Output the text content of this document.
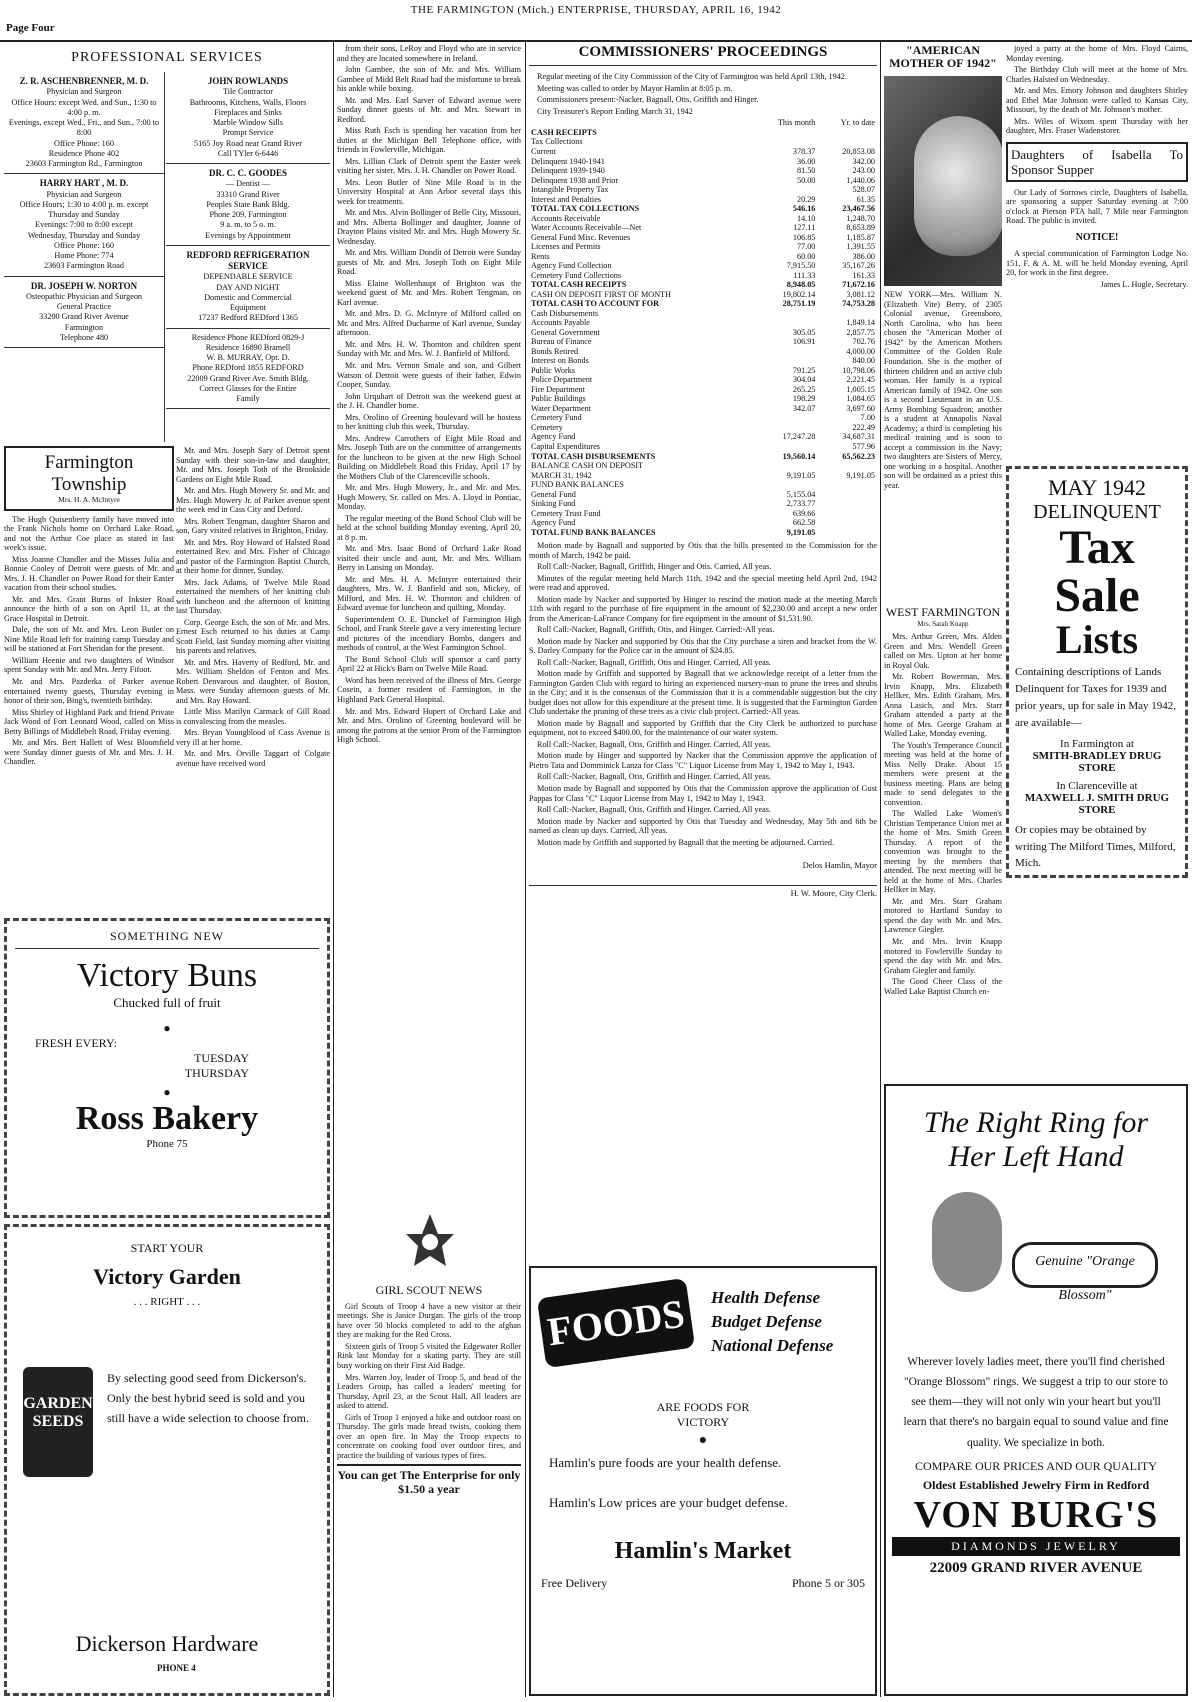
THE FARMINGTON (Mich.) ENTERPRISE, THURSDAY, APRIL 16, 1942
Page Four
PROFESSIONAL SERVICES
Z. R. ASCHENBRENNER, M. D.
Physician and Surgeon
Office Hours: except Wed. and Sun., 1:30 to 4:00 p. m.
Evenings, except Wed., Fri., and Sun., 7:00 to 8:00
Office Phone: 160
Residence Phone 402
23603 Farmington Rd., Farmington
HARRY HART , M. D.
Physician and Surgeon
Office Hours; 1:30 to 4:00 p. m. except Thursday and Sunday
Evenings: 7:00 to 8:00 except
Wednesday, Thursday and Sunday
Office Phone: 160
Home Phone: 774
23603 Farmington Road
DR. JOSEPH W. NORTON
Osteopathic Physician and Surgeon
General Practice
33200 Grand River Avenue
Farmington
Telephone 480
JOHN ROWLANDS
Tile Contractor
Bathrooms, Kitchens, Walls, Floors
Fireplaces and Sinks
Marble Window Sills
Prompt Service
5165 Joy Road near Grand River
Call TYler 6-6446
DR. C. C. GOODES
— Dentist —
33310 Grand River
Peoples State Bank Bldg.
Phone 209, Farmington
9 a. m. to 5 o. m.
Evenings by Appointment
REDFORD REFRIGERATION SERVICE
DEPENDABLE SERVICE
DAY AND NIGHT
Domestic and Commercial
Equipment
17237 Redford REDford 1365
Residence Phone REDford 0829-J
Residence 16890 Bramell
W. B. MURRAY, Opt. D.
Phone REDford 1855 REDFORD
22009 Grand River Ave. Smith Bldg.
Correct Glasses for the Entire
Family
Farmington
Township
Mrs. H. A. McIntyre

The Hugh Quisenberry family have moved into the Frank Nichols home on Orchard Lake Road, and not the Arthur Coe place as stated in last week's issue.

Miss Joanne Chandler and the Misses Julia and Bonnie Cooley of Detroit were guests of Mr. and Mrs. J. H. Chandler on Power Road for their Easter vacation from their school studies.

Mr. and Mrs. Grant Burns of Inkster Road announce the birth of a son on April 11, at the Grace Hospital in Detroit.

Dale, the son of Mr. and Mrs. Leon Butler on Nine Mile Road left for training camp Tuesday and will be stationed at Fort Sheridan for the present.

William Heenie and two daughters of Windsor spent Sunday with Mr. and Mrs. Jerry Fifoot.

Mr. and Mrs. Pazderka of Parker avenue entertained twenty guests, Thursday evening in honor of their son, Bing's, twentieth birthday.

Miss Shirley of Highland Park and friend Private Jack Wood of Fort Leonard Wood, called on Miss Betty Billings of Middlebelt Road, Friday evening.

Mr. and Mrs. Bert Hallett of West Bloomfield were Sunday dinner guests of Mr. and Mrs. J. H. Chandler.

Mr. and Mrs. Joseph Sary of Detroit spent Sunday with their son-in-law and daughter, Mr. and Mrs. Joseph Toth of the Brookside Gardens on Eight Mile Road.

Mr. and Mrs. Hugh Mowery Sr. and Mr. and Mrs. Hugh Mowery Jr. of Parker avenue spent the week end in Cass City and Deford.

Mrs. Robert Tengman, daughter Sharon and son, Gary visited relatives in Brighton, Friday.

Mr. and Mrs. Roy Howard of Halsted Road entertained Rev. and Mrs. Fisher of Chicago and pastor of the Farmington Baptist Church, at their home for dinner, Sunday.

Mrs. Jack Adams, of Twelve Mile Road entertained the members of her knitting club with luncheon and the afternoon of knitting last Thursday.

Corp. George Esch, the son of Mr. and Mrs. Ernest Esch returned to his duties at Camp Scott Field, last Sunday morning after visiting his parents and relatives.

Mr. and Mrs. Haverty of Redford, Mr. and Mrs. William Sheldon of Fenton and Mrs. Robert Denvarous and daughter, of Boston, Mass. were Sunday afternoon guests of Mr. and Mrs. Ray Howard.

Little Miss Marilyn Carmack of Gill Road is convalescing from the measles.

Mrs. Bryan Youngblood of Cass Avenue is very ill at her home.

Mr. and Mrs. Orville Taggart of Colgate avenue have received word

from their sons, LeRoy and Floyd who are in service and they are located somewhere in Ireland.

John Gambee, the son of Mr. and Mrs. William Gambee of Midd Belt Road had the misfortune to break his ankle while boxing.

Mr. and Mrs. Earl Sarver of Edward avenue were Sunday dinner guests of Mr. and Mrs. Stewart in Redford.

Miss Ruth Esch is spending her vacation from her duties at the Michigan Bell Telephone office, with friends in Fowlerville, Michigan.

Mrs. Lillian Clark of Detroit spent the Easter week visiting her sister, Mrs. J. H. Chandler on Power Road.

Mrs. Leon Butler of Nine Mile Road is in the University Hospital at Ann Arbor several days this week for treatments.

Mr. and Mrs. Alvin Bollinger of Belle City, Missouri, and Mrs. Alberta Bollinger and daughter, Joanne of Drayton Plains visited Mr. and Mrs. Hugh Mowery Sr. Wednesday.

Mr. and Mrs. William Dondit of Detroit were Sunday guests of Mr. and Mrs. Joseph Toth on Eight Mile Road.

Miss Elaine Wollenhaupt of Brighton was the weekend guest of Mr. and Mrs. Robert Tengman, on Karl avenue.

Mr. and Mrs. D. G. McIntyre of Milford called on Mr. and Mrs. Alfred Ducharme of Karl avenue, Sunday afternoon.

Mr. and Mrs. H. W. Thornton and children spent Sunday with Mr. and Mrs. W. J. Banfield of Milford.

Mr. and Mrs. Vernon Smale and son, and Gilbert Watson of Detroit were guests of their father, Edwin Cooper, Sunday.

John Urquhart of Detroit was the weekend guest at the J. H. Chandler home.

Mrs. Orolino of Greening boulevard will be hostess to her knitting club this week, Thursday.

Mrs. Andrew Carrothers of Eight Mile Road and Mrs. Joseph Toth are on the committee of arrangements for the luncheon to be given at the new High School Building on Middlebelt Road this Friday, April 17 by the Mothers Club of the Clarenceville schools.

Mr. and Mrs. Hugh Mowery, Jr., and Mr. and Mrs. Hugh Mowery, Sr. called on Mrs. A. Lloyd in Pontiac, Monday.

The regular meeting of the Bond School Club will be held at the school building Monday evening, April 20, at 8 p. m.

Mr. and Mrs. Isaac Bond of Orchard Lake Road visited their uncle and aunt, Mr. and Mrs. William Berry in Lansing on Monday.

Mr. and Mrs. H. A. McIntyre entertained their daughters, Mrs. W. J. Banfield and son, Mickey, of Milford, and Mrs. H. W. Thornton and children of Edward avenue for luncheon and quilting, Monday.

Superintendent O. E. Dunckel of Farmington High School, and Frank Steele gave a very interesting lecture and pictures of the incendiary Bombs, dangers and methods of control, at the West Farmington School.

The Bond School Club will sponsor a card party April 22 at Hick's Barn on Twelve Mile Road.

Word has been received of the illness of Mrs. George Cosein, a former resident of Farmington, in the Highland Park General Hospital.

Mr. and Mrs. Edward Hupert of Orchard Lake and Mr. and Mrs. Orolino of Greening boulevard will be among the patrons at the senior Prom of the Farmington High School.

SOMETHING NEW
Victory Buns
Chucked full of fruit
●
FRESH EVERY:
TUESDAY
THURSDAY
●
Ross Bakery
Phone 75
START YOUR
Victory Garden
. . . RIGHT . . .
GARDEN SEEDS
By selecting good seed from Dickerson's. Only the best hybrid seed is sold and you still have a wide selection to choose from.
Dickerson Hardware
PHONE 4
GIRL SCOUT NEWS

Girl Scouts of Troop 4 have a new visitor at their meetings. She is Janice Durgan. The girls of the troop have over 50 blocks completed to add to the afghan they are making for the Red Cross.

Sixteen girls of Troop 5 visited the Edgewater Roller Rink last Monday for a skating party. They are still busy working on their First Aid Badge.

Mrs. Warren Joy, leader of Troop 5, and head of the Leaders Group, has called a leaders' meeting for Thursday, April 23, at the Scout Hall. All leaders are asked to attend.

Girls of Troop 1 enjoyed a hike and outdoor roast on Thursday. The girls made bread twists, cooking them over an open fire. In May the Troop expects to concentrate on cooking food over outdoor fires, and practice the building of various types of fires.

You can get The Enterprise for only $1.50 a year
COMMISSIONERS' PROCEEDINGS

Regular meeting of the City Commission of the City of Farmington was held April 13th, 1942.

Meeting was called to order by Mayor Hamlin at 8:05 p. m.

Commissioners present:-Nacker, Bagnall, Otis, Griffith and Hinger.

City Treasurer's Report Ending March 31, 1942

	This month	Yr. to date
CASH RECEIPTS		
Tax Collections		
Current	378.37	20,853.08
Delinquent 1940-1941	36.00	342.00
Delinquent 1939-1940	81.50	243.00
Delinquent 1938 and Prior	50.00	1,440.06
Intangible Property Tax		528.07
Interest and Penalties	20.29	61.35
TOTAL TAX COLLECTIONS	546.16	23,467.56
Accounts Receivable	14.10	1,248.70
Water Accounts Receivable—Net	127.11	8,653.89
General Fund Misc. Revenues	106.85	1,185.87
Licenses and Permits	77.00	1,391.55
Rents	60.00	386.00
Agency Fund Collection	7,915.50	35,167.26
Cemetery Fund Collections	111.33	161.33
TOTAL CASH RECEIPTS	8,948.05	71,672.16
CASH ON DEPOSIT FIRST OF MONTH	19,802.14	3,081.12
TOTAL CASH TO ACCOUNT FOR	28,751.19	74,753.28
Cash Disbursements		
Accounts Payable		1,849.14
General Government	305.05	2,857.75
Bureau of Finance	106.91	702.76
Bonds Retired		4,000.00
Interest on Bonds		840.00
Public Works	791.25	10,798.06
Police Department	304.04	2,221.45
Fire Department	265.25	1,005.15
Public Buildings	198.29	1,084.65
Water Department	342.07	3,697.60
Cemetery Fund		7.00
Cemetery		222.49
Agency Fund	17,247.28	34,687.31
Capital Expenditures		577.96
TOTAL CASH DISBURSEMENTS	19,560.14	65,562.23
BALANCE CASH ON DEPOSIT		
MARCH 31, 1942	9,191.05	9,191.05
FUND BANK BALANCES		
General Fund	5,155.04	
Sinking Fund	2,733.77	
Cemetery Trust Fund	639.66	
Agency Fund	662.58	
TOTAL FUND BANK BALANCES	9,191.05	

Motion made by Bagnall and supported by Otis that the bills presented to the Commission for the month of March, 1942 be paid.

Roll Call:-Nacker, Bagnall, Griffith, Hinger and Otis. Carried, All yeas.

Minutes of the regular meeting held March 11th, 1942 and the special meeting held April 2nd, 1942 were read and approved.

Motion made by Nacker and supported by Hinger to rescind the motion made at the meeting March 11th with regard to the purchase of fire equipment in the amount of $2,230.00 and accept a new order from the American-LaFrance Company for fire equipment in the amount of $1,531.90.

Roll Call:-Nacker, Bagnall, Griffith, Otis, and Hinger. Carried:-All yeas.

Motion made by Nacker and supported by Otis that the City purchase a siren and bracket from the W. S. Darley Company for the Police car in the amount of $24.85.

Roll Call:-Nacker, Bagnall, Griffith, Otis and Hinger. Carried, All yeas.

Motion made by Griffith and supported by Bagnall that we acknowledge receipt of a letter from the Farmington Garden Club with regard to hiring an experienced nursery-man to prune the trees and shrubs in the City; and it is the consensus of the Commission that it is a commendable suggestion but the city budget does not allow for this expenditure at the present time. It is suggested that the Farmington Garden Club undertake the pruning of these trees as a civic club project. Carried:-All yeas.

Motion made by Bagnall and supported by Griffith that the City Clerk be authorized to purchase equipment, not to exceed $400.00, for the maintenance of our water system.

Roll Call:-Nacker, Bagnall, Otis, Griffith and Hinger. Carried, All yeas.

Motion made by Hinger and supported by Nacker that the Commission approve the application of Pietro Tata and Domminick Lanza for Class "C" Liquor License from May 1, 1942 to May 1, 1943.

Roll Call:-Nacker, Bagnall, Otis, Griffith and Hinger. Carried, All yeas.

Motion made by Bagnall and supported by Otis that the Commission approve the application of Gust Pappas for Class "C" Liquor License from May 1, 1942 to May 1, 1943.

Roll Call:-Nacker, Bagnall, Otis, Griffith and Hinger. Carried, All yeas.

Motion made by Nacker and supported by Otis that Tuesday and Wednesday, May 5th and 6th be named as clean up days. Carried, All yeas.

Motion made by Griffith and supported by Bagnall that the meeting be adjourned. Carried.

Delos Hamlin, Mayor
H. W. Moore, City Clerk.
FOODS for
Health Defense
Budget Defense
National Defense
ARE FOODS FOR VICTORY
●
Hamlin's pure foods are your health defense.
Hamlin's Low prices are your budget defense.
Hamlin's Market
Free Delivery	Phone 5 or 305
"AMERICAN MOTHER OF 1942"
NEW YORK—Mrs. William N. (Elizabeth Vite) Berry, of 2305 Colonial avenue, Greensboro, North Carolina, who has been chosen the "American Mother of 1942" by the American Mothers Committee of the Golden Rule Foundation. She is the mother of thirteen children and an active club woman. Her family is a typical American family of 1942. One son is a second Lieutenant in an U.S. Army Bombing Squadron; another is a student at Annapolis Naval Academy; a third is completing his medical training and is soon to accept a commission in the Navy; two daughters are Sisters of Mercy, one working in a hospital. Another son will be ordained as a priest this year.

joyed a party at the home of Mrs. Floyd Cairns, Monday evening.

The Birthday Club will meet at the home of Mrs. Charles Halsted on Wednesday.

Mr. and Mrs. Emory Johnson and daughters Shirley and Ethel Mae Johnson were called to Kansas City, Missouri, by the death of Mr. Johnson's mother.

Mrs. Wiles of Wixom spent Thursday with her daughter, Mrs. Fraser Wadenstorer.

Daughters of Isabella To Sponsor Supper

Our Lady of Sorrows circle, Daughters of Isabella, are sponsoring a supper Saturday evening at 7:00 o'clock at Pierson PTA hall, 7 Mile near Farmington Road. The public is invited.

NOTICE!

A special communication of Farmington Lodge No. 151, F. & A. M. will be held Monday evening, April 20, for work in the first degree.

James L. Hogle, Secretary.
MAY 1942
DELINQUENT
Tax
Sale
Lists
Containing descriptions of Lands Delinquent for Taxes for 1939 and prior years, up for sale in May 1942, are available—
In Farmington at
SMITH-BRADLEY DRUG STORE
In Clarenceville at
MAXWELL J. SMITH DRUG STORE
Or copies may be obtained by writing The Milford Times, Milford, Mich.
WEST FARMINGTON
Mrs. Sarah Knapp

Mrs. Arthur Green, Mrs. Alden Green and Mrs. Wendell Green called on Mrs. Upton at her home in Royal Oak.

Mr. Robert Bowerman, Mrs. Irvin Knapp, Mrs. Elizabeth Hellker, Mrs. Edith Graham, Mrs. Anna Lasich, and Mrs. Starr Graham attended a party at the home of Mrs. George Graham at Walled Lake, Monday evening.

The Youth's Temperance Council meeting was held at the home of Miss Nelly Drake. About 15 members were present at the business meeting. Plans are being made to send delegates to the convention.

The Walled Lake Women's Christian Temperance Union met at the home of Mrs. Smith Green Thursday. A report of the convention was brought to the meeting by the members that attended. The next meeting will be held at the home of Mrs. Charles Hellker in May.

Mr. and Mrs. Starr Graham motored to Hartland Sunday to spend the day with Mr. and Mrs. Lawrence Giegler.

Mr. and Mrs. Irvin Knapp motored to Fowlerville Sunday to spend the day with Mr. and Mrs. Graham Giegler and family.

The Good Cheer Class of the Walled Lake Baptist Church en-

The Right Ring for
Her Left Hand
Genuine "Orange Blossom"
Wherever lovely ladies meet, there you'll find cherished "Orange Blossom" rings. We suggest a trip to our store to see them—they will not only win your heart but you'll learn that there's no bargain equal to sound value and fine quality. We specialize in both.
COMPARE OUR PRICES AND OUR QUALITY
Oldest Established Jewelry Firm in Redford
VON BURG'S
DIAMONDS JEWELRY
22009 GRAND RIVER AVENUE
